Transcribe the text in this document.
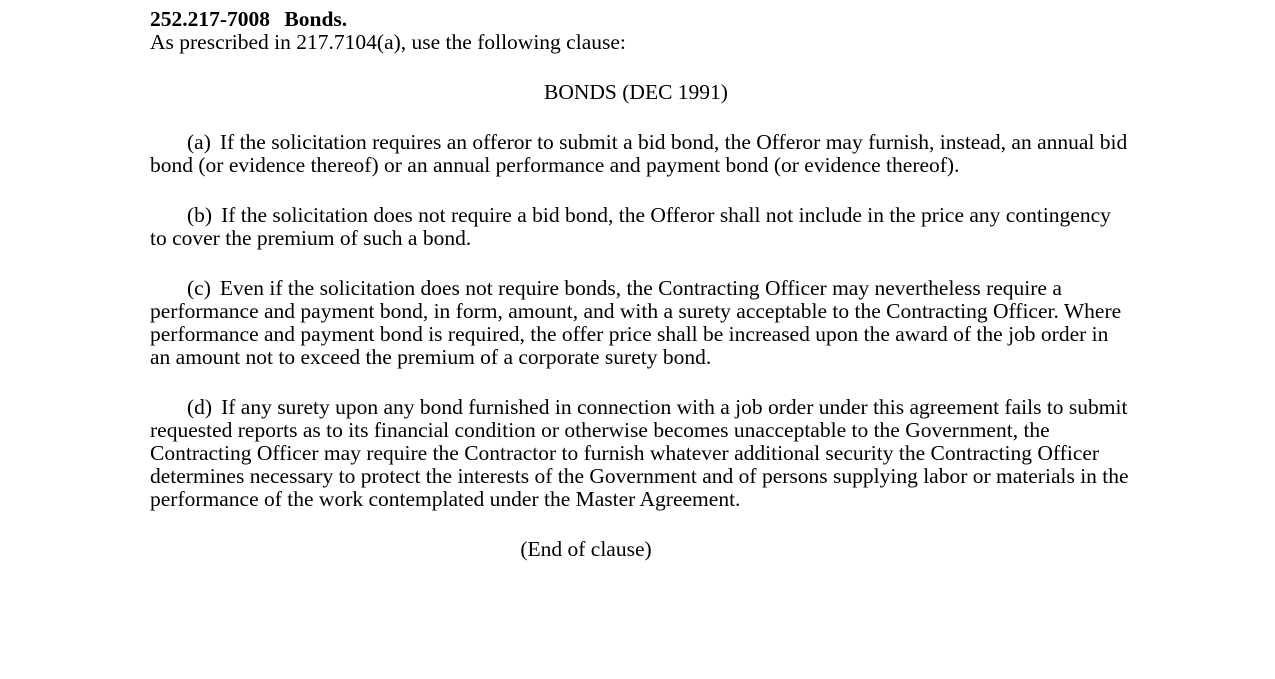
252.217-7008 Bonds.

As prescribed in 217.7104(a), use the following clause:

BONDS (DEC 1991)

(a) If the solicitation requires an offeror to submit a bid bond, the Offeror may furnish, instead, an annual bid bond (or evidence thereof) or an annual performance and payment bond (or evidence thereof).

(b) If the solicitation does not require a bid bond, the Offeror shall not include in the price any contingency to cover the premium of such a bond.

(c) Even if the solicitation does not require bonds, the Contracting Officer may nevertheless require a performance and payment bond, in form, amount, and with a surety acceptable to the Contracting Officer. Where performance and payment bond is required, the offer price shall be increased upon the award of the job order in an amount not to exceed the premium of a corporate surety bond.

(d) If any surety upon any bond furnished in connection with a job order under this agreement fails to submit requested reports as to its financial condition or otherwise becomes unacceptable to the Government, the Contracting Officer may require the Contractor to furnish whatever additional security the Contracting Officer determines necessary to protect the interests of the Government and of persons supplying labor or materials in the performance of the work contemplated under the Master Agreement.

(End of clause)
